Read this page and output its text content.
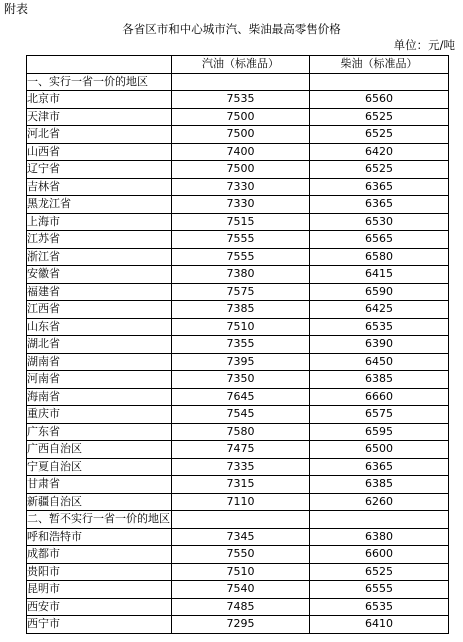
附表
各省区市和中心城市汽、柴油最高零售价格
单位：元/吨
	汽油（标准品）	柴油（标准品）
一、实行一省一价的地区		
北京市	7535	6560
天津市	7500	6525
河北省	7500	6525
山西省	7400	6420
辽宁省	7500	6525
吉林省	7330	6365
黑龙江省	7330	6365
上海市	7515	6530
江苏省	7555	6565
浙江省	7555	6580
安徽省	7380	6415
福建省	7575	6590
江西省	7385	6425
山东省	7510	6535
湖北省	7355	6390
湖南省	7395	6450
河南省	7350	6385
海南省	7645	6660
重庆市	7545	6575
广东省	7580	6595
广西自治区	7475	6500
宁夏自治区	7335	6365
甘肃省	7315	6385
新疆自治区	7110	6260
二、暂不实行一省一价的地区		
呼和浩特市	7345	6380
成都市	7550	6600
贵阳市	7510	6525
昆明市	7540	6555
西安市	7485	6535
西宁市	7295	6410
